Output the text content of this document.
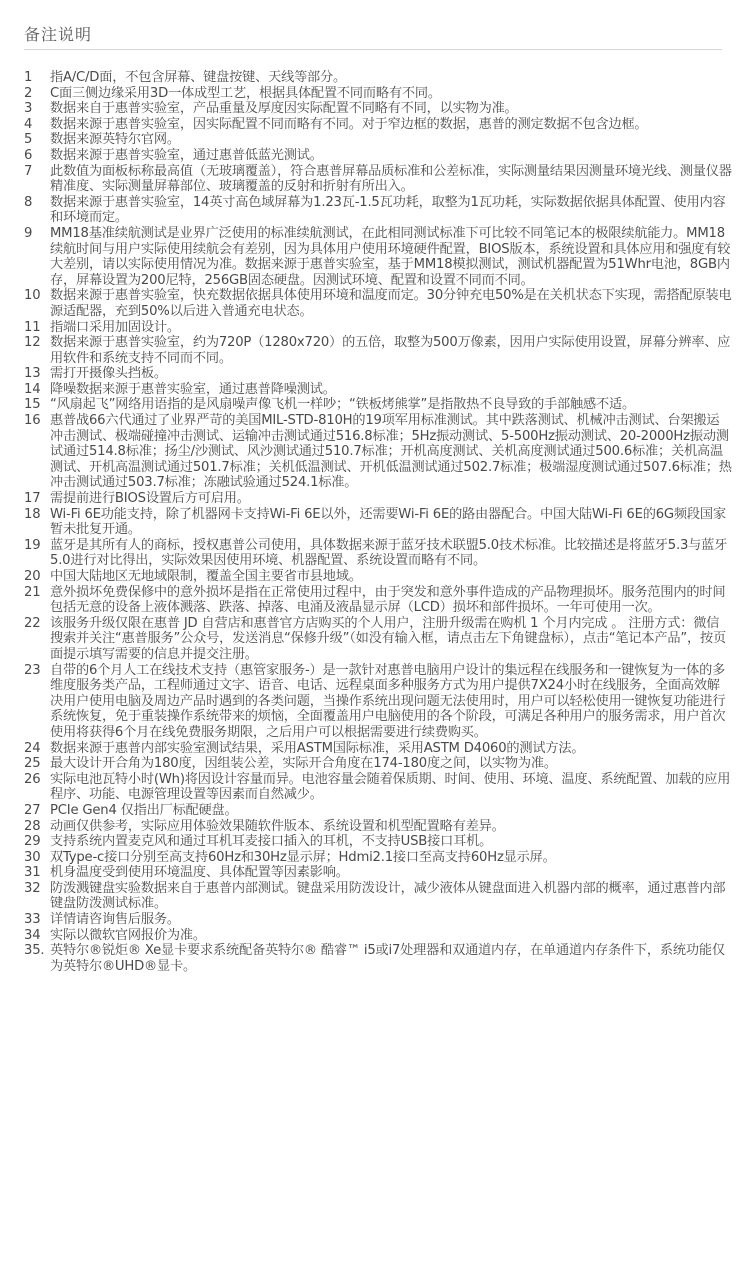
备注说明
1	指A/C/D面，不包含屏幕、键盘按键、天线等部分。
2	C面三侧边缘采用3D一体成型工艺，根据具体配置不同而略有不同。
3	数据来自于惠普实验室，产品重量及厚度因实际配置不同略有不同，以实物为准。
4	数据来源于惠普实验室，因实际配置不同而略有不同。对于窄边框的数据，惠普的测定数据不包含边框。
5	数据来源英特尔官网。
6	数据来源于惠普实验室，通过惠普低蓝光测试。
7	此数值为面板标称最高值（无玻璃覆盖），符合惠普屏幕品质标准和公差标准，实际测量结果因测量环境光线、测量仪器精准度、实际测量屏幕部位、玻璃覆盖的反射和折射有所出入。
8	数据来源于惠普实验室，14英寸高色域屏幕为1.23瓦-1.5瓦功耗，取整为1瓦功耗，实际数据依据具体配置、使用内容和环境而定。
9	MM18基准续航测试是业界广泛使用的标准续航测试，在此相同测试标准下可比较不同笔记本的极限续航能力。MM18续航时间与用户实际使用续航会有差别，因为具体用户使用环境硬件配置，BIOS版本，系统设置和具体应用和强度有较大差别，请以实际使用情况为准。数据来源于惠普实验室，基于MM18模拟测试，测试机器配置为51Whr电池，8GB内存，屏幕设置为200尼特，256GB固态硬盘。因测试环境、配置和设置不同而不同。
10 数据来源于惠普实验室，快充数据依据具体使用环境和温度而定。30分钟充电50%是在关机状态下实现，需搭配原装电源适配器，充到50%以后进入普通充电状态。
11 指端口采用加固设计。
12 数据来源于惠普实验室，约为720P（1280x720）的五倍，取整为500万像素，因用户实际使用设置，屏幕分辨率、应用软件和系统支持不同而不同。
13 需打开摄像头挡板。
14 降噪数据来源于惠普实验室，通过惠普降噪测试。
15 “风扇起飞”网络用语指的是风扇噪声像飞机一样吵；“铁板烤熊掌”是指散热不良导致的手部触感不适。
16 惠普战66六代通过了业界严苛的美国MIL-STD-810H的19项军用标准测试。其中跌落测试、机械冲击测试、台架搬运冲击测试、极端碰撞冲击测试、运输冲击测试通过516.8标准；5Hz振动测试、5-500Hz振动测试、20-2000Hz振动测试通过514.8标准；扬尘/沙测试、风沙测试通过510.7标准；开机高度测试、关机高度测试通过500.6标准；关机高温测试、开机高温测试通过501.7标准；关机低温测试、开机低温测试通过502.7标准；极端湿度测试通过507.6标准；热冲击测试通过503.7标准；冻融试验通过524.1标准。
17 需提前进行BIOS设置后方可启用。
18 Wi-Fi 6E功能支持，除了机器网卡支持Wi-Fi 6E以外，还需要Wi-Fi 6E的路由器配合。中国大陆Wi-Fi 6E的6G频段国家暂未批复开通。
19 蓝牙是其所有人的商标，授权惠普公司使用，具体数据来源于蓝牙技术联盟5.0技术标准。比较描述是将蓝牙5.3与蓝牙5.0进行对比得出，实际效果因使用环境、机器配置、系统设置而略有不同。
20 中国大陆地区无地域限制，覆盖全国主要省市县地域。
21 意外损坏免费保修中的意外损坏是指在正常使用过程中，由于突发和意外事件造成的产品物理损坏。服务范围内的时间包括无意的设备上液体溅落、跌落、掉落、电涌及液晶显示屏（LCD）损坏和部件损坏。一年可使用一次。
22 该服务升级仅限在惠普 JD 自营店和惠普官方店购买的个人用户，注册升级需在购机 1 个月内完成 。 注册方式：微信搜索并关注“惠普服务”公众号，发送消息“保修升级”（如没有输入框，请点击左下角键盘标），点击“笔记本产品”，按页面提示填写需要的信息并提交注册。
23 自带的6个月人工在线技术支持（惠管家服务-）是一款针对惠普电脑用户设计的集远程在线服务和一键恢复为一体的多维度服务类产品，工程师通过文字、语音、电话、远程桌面多种服务方式为用户提供7X24小时在线服务，全面高效解决用户使用电脑及周边产品时遇到的各类问题，当操作系统出现问题无法使用时，用户可以轻松使用一键恢复功能进行系统恢复，免于重装操作系统带来的烦恼，全面覆盖用户电脑使用的各个阶段，可满足各种用户的服务需求，用户首次使用将获得6个月在线免费服务期限，之后用户可以根据需要进行续费购买。
24 数据来源于惠普内部实验室测试结果，采用ASTM国际标准，采用ASTM D4060的测试方法。
25 最大设计开合角为180度，因组装公差，实际开合角度在174-180度之间，以实物为准。
26 实际电池瓦特小时(Wh)将因设计容量而异。电池容量会随着保质期、时间、使用、环境、温度、系统配置、加载的应用程序、功能、电源管理设置等因素而自然减少。
27 PCIe Gen4 仅指出厂标配硬盘。
28 动画仅供参考，实际应用体验效果随软件版本、系统设置和机型配置略有差异。
29 支持系统内置麦克风和通过耳机耳麦接口插入的耳机，不支持USB接口耳机。
30 双Type-c接口分别至高支持60Hz和30Hz显示屏；Hdmi2.1接口至高支持60Hz显示屏。
31 机身温度受到使用环境温度、具体配置等因素影响。
32 防泼溅键盘实验数据来自于惠普内部测试。键盘采用防泼设计，减少液体从键盘面进入机器内部的概率，通过惠普内部键盘防泼测试标准。
33 详情请咨询售后服务。
34 实际以微软官网报价为准。
35. 英特尔®锐炬® Xe显卡要求系统配备英特尔® 酷睿™ i5或i7处理器和双通道内存，在单通道内存条件下，系统功能仅为英特尔®UHD®显卡。
